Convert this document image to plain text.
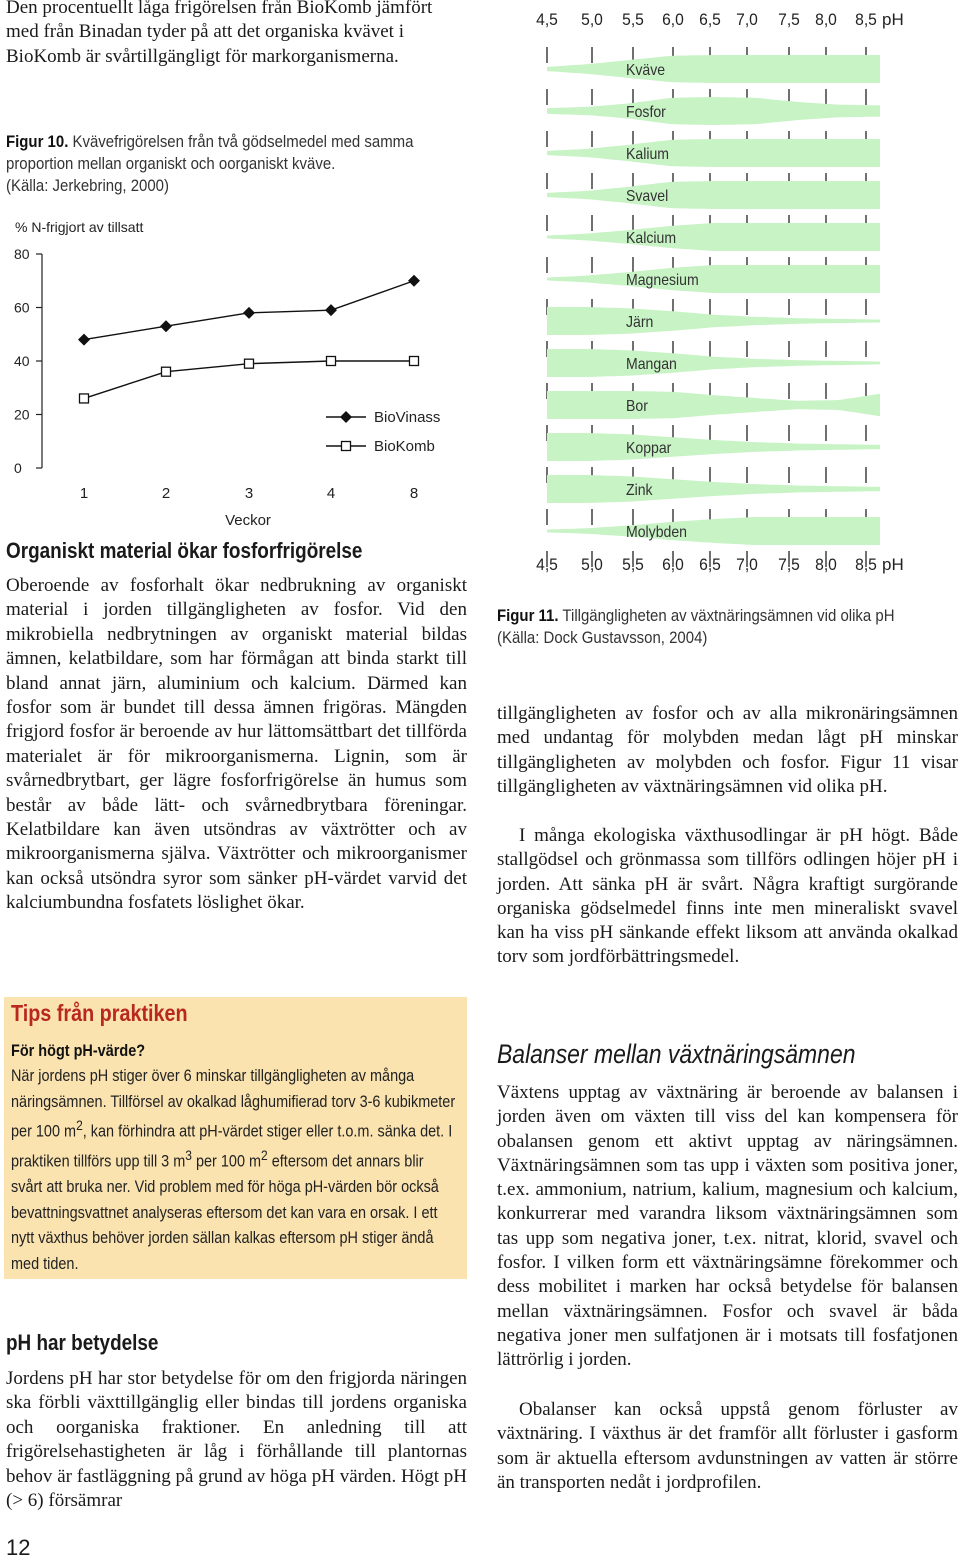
Den procentuellt låga frigörelsen från BioKomb jämfört med från Binadan tyder på att det organiska kvävet i BioKomb är svårtillgängligt för markorganismerna.

Figur 10. Kvävefrigörelsen från två gödselmedel med samma proportion mellan organiskt och oorganiskt kväve.
(Källa: Jerkebring, 2000)
% N-frigjort av tillsatt
80
60
40
20
0
1	2	3	4	8
Veckor
BioVinass
BioKomb
Organiskt material ökar fosforfrigörelse

Oberoende av fosforhalt ökar nedbrukning av organiskt material i jorden tillgängligheten av fosfor. Vid den mikrobiella nedbrytningen av organiskt material bildas ämnen, kelatbildare, som har förmågan att binda starkt till bland annat järn, aluminium och kalcium. Därmed kan fosfor som är bundet till dessa ämnen frigöras. Mängden frigjord fosfor är beroende av hur lättomsättbart det tillförda materialet är för mikroorganismerna. Lignin, som är svårnedbrytbart, ger lägre fosforfrigörelse än humus som består av både lätt- och svårnedbrytbara föreningar. Kelatbildare kan även utsöndras av växtrötter och av mikroorganismerna själva. Växtrötter och mikroorganismer kan också utsöndra syror som sänker pH-värdet varvid det kalciumbundna fosfatets löslighet ökar.

Tips från praktiken
För högt pH-värde?
När jordens pH stiger över 6 minskar tillgängligheten av många näringsämnen. Tillförsel av okalkad låghumifierad torv 3-6 kubikmeter per 100 $m^2$, kan förhindra att pH-värdet stiger eller t.o.m. sänka det. I praktiken tillförs upp till 3 $m^3$ per 100 $m^2$ eftersom det annars blir svårt att bruka ner. Vid problem med för höga pH-värden bör också bevattningsvattnet analyseras eftersom det kan vara en orsak. I ett nytt växthus behöver jorden sällan kalkas eftersom pH stiger ändå med tiden.
pH har betydelse

Jordens pH har stor betydelse för om den frigjorda näringen ska förbli växttillgänglig eller bindas till jordens organiska och oorganiska fraktioner. En anledning till att frigörelsehastigheten är låg i förhållande till plantornas behov är fastläggning på grund av höga pH värden. Högt pH (> 6) försämrar

12
4,5 5,0 5,5 6,0 6,5 7,0 7,5 8,0 8,5 pH
Kväve
Fosfor
Kalium
Svavel
Kalcium
Magnesium
Järn
Mangan
Bor
Koppar
Zink
Molybden
4,5 5,0 5,5 6,0 6,5 7,0 7,5 8,0 8,5 pH
Figur 11. Tillgängligheten av växtnäringsämnen vid olika pH
(Källa: Dock Gustavsson, 2004)

tillgängligheten av fosfor och av alla mikronäringsämnen med undantag för molybden medan lågt pH minskar tillgängligheten av molybden och fosfor. Figur 11 visar tillgängligheten av växtnäringsämnen vid olika pH.

I många ekologiska växthusodlingar är pH högt. Både stallgödsel och grönmassa som tillförs odlingen höjer pH i jorden. Att sänka pH är svårt. Några kraftigt surgörande organiska gödselmedel finns inte men mineraliskt svavel kan ha viss pH sänkande effekt liksom att använda okalkad torv som jordförbättringsmedel.

Balanser mellan växtnäringsämnen

Växtens upptag av växtnäring är beroende av balansen i jorden även om växten till viss del kan kompensera för obalansen genom ett aktivt upptag av näringsämnen. Växtnäringsämnen som tas upp i växten som positiva joner, t.ex. ammonium, natrium, kalium, magnesium och kalcium, konkurrerar med varandra liksom växtnäringsämnen som tas upp som negativa joner, t.ex. nitrat, klorid, svavel och fosfor. I vilken form ett växtnäringsämne förekommer och dess mobilitet i marken har också betydelse för balansen mellan växtnäringsämnen. Fosfor och svavel är båda negativa joner men sulfatjonen är i motsats till fosfatjonen lättrörlig i jorden.

Obalanser kan också uppstå genom förluster av växtnäring. I växthus är det framför allt förluster i gasform som är aktuella eftersom avdunstningen av vatten är större än transporten nedåt i jordprofilen.
